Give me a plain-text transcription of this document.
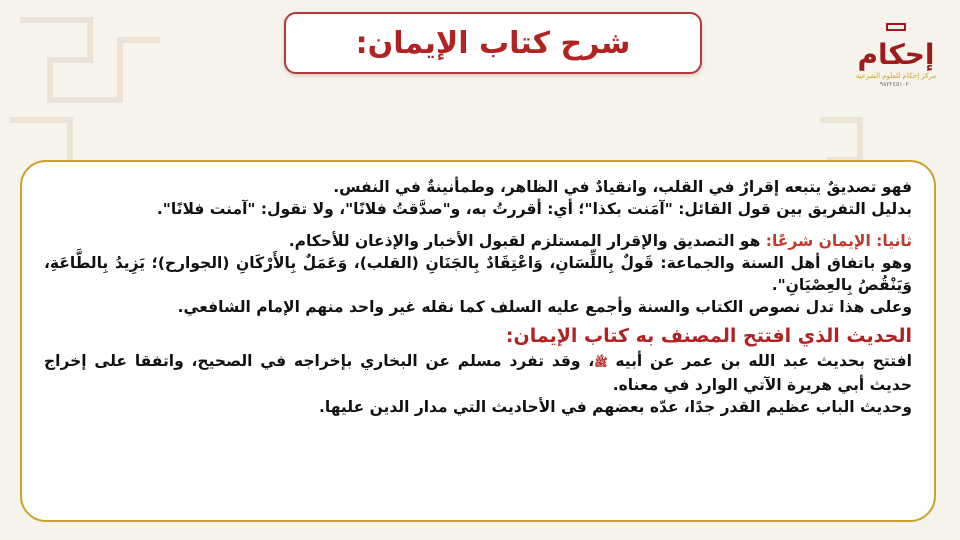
شرح كتاب الإيمان:	إحكام
مركز إحكام للعلوم الشرعية
٩٨٢٢٤٥١٠٢٠

فهو تصديقٌ يتبعه إقرارٌ في القلب، وانقيادٌ في الظاهر، وطمأنينةٌ في النفس.

بدليل التفريق بين قول القائل: "آمَنت بكذا"؛ أي: أقررتُ به، و"صدَّقتُ فلانًا"، ولا تقول: "آمنت فلانًا".

ثانيا: الإيمان شرعًا: هو التصديق والإقرار المستلزم لقبول الأخبار والإذعان للأحكام.

وهو باتفاق أهل السنة والجماعة: قَولٌ بِاللِّسَانِ، وَاعْتِقَادٌ بِالجَنَانِ (القلب)، وَعَمَلٌ بِالأَرْكَانِ (الجوارح)؛ يَزِيدُ بِالطَّاعَةِ، وَيَنْقُصُ بِالعِصْيَانِ".

وعلى هذا تدل نصوص الكتاب والسنة وأجمع عليه السلف كما نقله غير واحد منهم الإمام الشافعي.

الحديث الذي افتتح المصنف به كتاب الإيمان:

افتتح بحديث عبد الله بن عمر عن أبيه ﷺ، وقد تفرد مسلم عن البخاري بإخراجه في الصحيح، واتفقا على إخراج حديث أبي هريرة الآتي الوارد في معناه.

وحديث الباب عظيم القدر جدًا، عدّه بعضهم في الأحاديث التي مدار الدين عليها.
